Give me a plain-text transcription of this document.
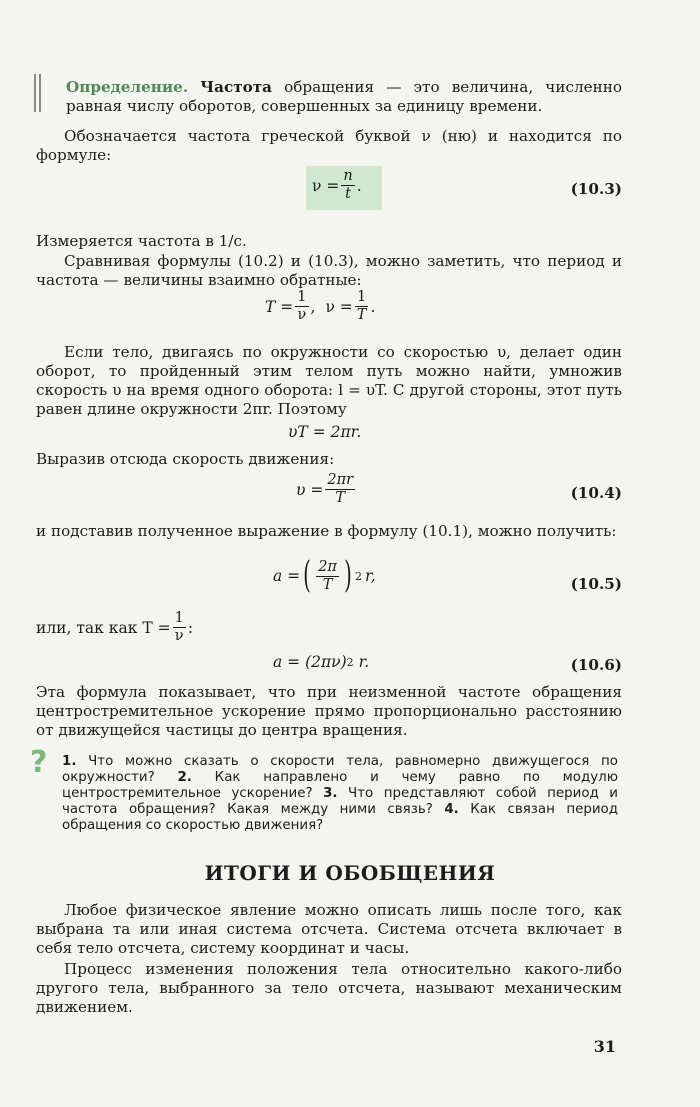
Определение. Частота обращения — это величина, численно равная числу оборотов, совершенных за единицу времени.

Обозначается частота греческой буквой ν (ню) и находится по формуле:

$\nu = \frac{n}{t}$ .	(10.3)

Измеряется частота в 1/с.

Сравнивая формулы (10.2) и (10.3), можно заметить, что период и частота — величины взаимно обратные:

$T = \frac{1}{\nu}$ , $\nu = \frac{1}{T}$ .

Если тело, двигаясь по окружности со скоростью υ, делает один оборот, то пройденный этим телом путь можно найти, умножив скорость υ на время одного оборота: l = υT. С другой стороны, этот путь равен длине окружности 2πr. Поэтому

υT = 2πr.

Выразив отсюда скорость движения:

$\upsilon = \frac{2\pi r}{T}$	(10.4)

и подставив полученное выражение в формулу (10.1), можно получить:

a = ( $\frac{2\pi}{T}$ ) 2 r,	(10.5)
или, так как $T = \frac{1}{\nu}$ :
a = (2πν) 2 r.	(10.6)

Эта формула показывает, что при неизменной частоте обращения центростремительное ускорение прямо пропорционально расстоянию от движущейся частицы до центра вращения.

? 1. Что можно сказать о скорости тела, равномерно движущегося по окружности? 2. Как направлено и чему равно по модулю центростремительное ускорение? 3. Что представляют собой период и частота обращения? Какая между ними связь? 4. Как связан период обращения со скоростью движения?

ИТОГИ И ОБОБЩЕНИЯ

Любое физическое явление можно описать лишь после того, как выбрана та или иная система отсчета. Система отсчета включает в себя тело отсчета, систему координат и часы.

Процесс изменения положения тела относительно какого-либо другого тела, выбранного за тело отсчета, называют механическим движением.

31
